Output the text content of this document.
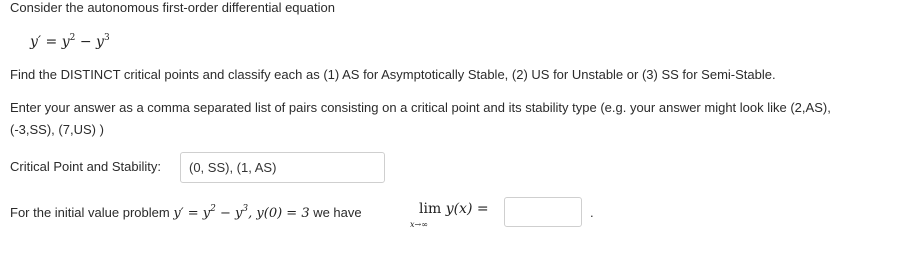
Consider the autonomous first-order differential equation
$y' = y^2 - y^3$
Find the DISTINCT critical points and classify each as (1) AS for Asymptotically Stable, (2) US for Unstable or (3) SS for Semi-Stable.
Enter your answer as a comma separated list of pairs consisting on a critical point and its stability type (e.g. your answer might look like (2,AS),
(-3,SS), (7,US) )
Critical Point and Stability:	(0, SS), (1, AS)
For the initial value problem $y' = y^2 - y^3$, y(0) = 3 we have	lim y(x) =
x→∞
.
